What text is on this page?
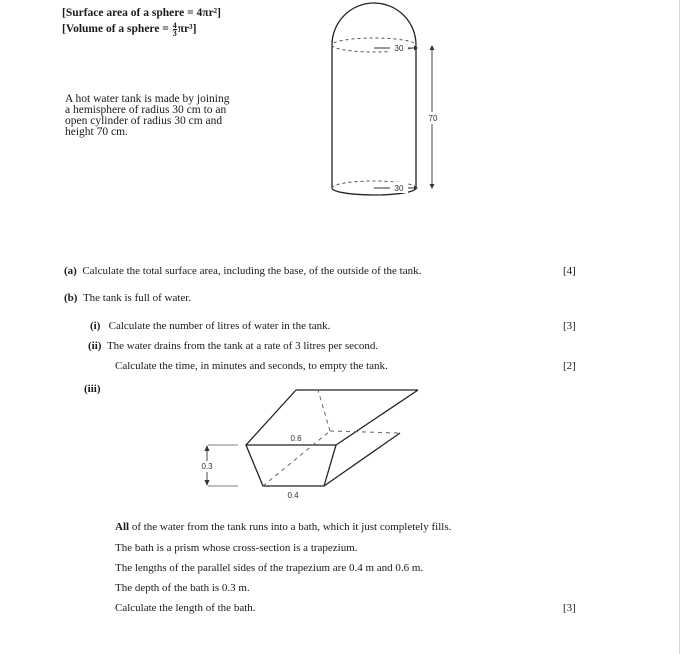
[Surface area of a sphere = 4πr²]
[Volume of a sphere = $\frac{4}{3} \pi r^3$]
A hot water tank is made by joining
a hemisphere of radius 30 cm to an
open cylinder of radius 30 cm and
height 70 cm.
30
30
70
(a) Calculate the total surface area, including the base, of the outside of the tank.	[4]
(b) The tank is full of water.
(i) Calculate the number of litres of water in the tank.	[3]
(ii) The water drains from the tank at a rate of 3 litres per second.
Calculate the time, in minutes and seconds, to empty the tank.	[2]
(iii)
0.6
0.4
0.3
All of the water from the tank runs into a bath, which it just completely fills.
The bath is a prism whose cross-section is a trapezium.
The lengths of the parallel sides of the trapezium are 0.4 m and 0.6 m.
The depth of the bath is 0.3 m.
Calculate the length of the bath.	[3]
